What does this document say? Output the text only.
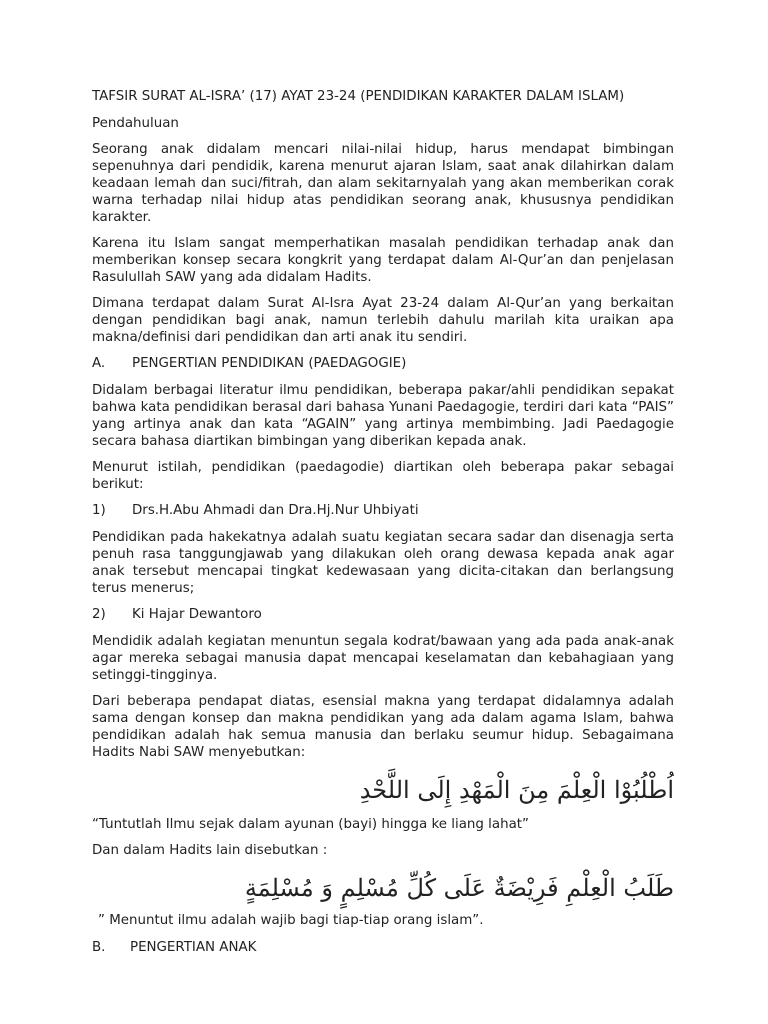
TAFSIR SURAT AL-ISRA’ (17) AYAT 23-24 (PENDIDIKAN KARAKTER DALAM ISLAM)

Pendahuluan

Seorang anak didalam mencari nilai-nilai hidup, harus mendapat bimbingan sepenuhnya dari pendidik, karena menurut ajaran Islam, saat anak dilahirkan dalam keadaan lemah dan suci/fitrah, dan alam sekitarnyalah yang akan memberikan corak warna terhadap nilai hidup atas pendidikan seorang anak, khususnya pendidikan karakter.

Karena itu Islam sangat memperhatikan masalah pendidikan terhadap anak dan memberikan konsep secara kongkrit yang terdapat dalam Al-Qur’an dan penjelasan Rasulullah SAW yang ada didalam Hadits.

Dimana terdapat dalam Surat Al-Isra Ayat 23-24 dalam Al-Qur’an yang berkaitan dengan pendidikan bagi anak, namun terlebih dahulu marilah kita uraikan apa makna/definisi dari pendidikan dan arti anak itu sendiri.

A.	PENGERTIAN PENDIDIKAN (PAEDAGOGIE)

Didalam berbagai literatur ilmu pendidikan, beberapa pakar/ahli pendidikan sepakat bahwa kata pendidikan berasal dari bahasa Yunani Paedagogie, terdiri dari kata “PAIS” yang artinya anak dan kata “AGAIN” yang artinya membimbing. Jadi Paedagogie secara bahasa diartikan bimbingan yang diberikan kepada anak.

Menurut istilah, pendidikan (paedagodie) diartikan oleh beberapa pakar sebagai berikut:

1)	Drs.H.Abu Ahmadi dan Dra.Hj.Nur Uhbiyati

Pendidikan pada hakekatnya adalah suatu kegiatan secara sadar dan disenagja serta penuh rasa tanggungjawab yang dilakukan oleh orang dewasa kepada anak agar anak tersebut mencapai tingkat kedewasaan yang dicita-citakan dan berlangsung terus menerus;

2)	Ki Hajar Dewantoro

Mendidik adalah kegiatan menuntun segala kodrat/bawaan yang ada pada anak-anak agar mereka sebagai manusia dapat mencapai keselamatan dan kebahagiaan yang setinggi-tingginya.

Dari beberapa pendapat diatas, esensial makna yang terdapat didalamnya adalah sama dengan konsep dan makna pendidikan yang ada dalam agama Islam, bahwa pendidikan adalah hak semua manusia dan berlaku seumur hidup. Sebagaimana Hadits Nabi SAW menyebutkan:

اُطْلُبُوْا الْعِلْمَ مِنَ الْمَهْدِ إِلَى اللَّحْدِ

“Tuntutlah Ilmu sejak dalam ayunan (bayi) hingga ke liang lahat”

Dan dalam Hadits lain disebutkan :

طَلَبُ الْعِلْمِ فَرِيْضَةٌ عَلَى كُلِّ مُسْلِمٍ وَ مُسْلِمَةٍ

” Menuntut ilmu adalah wajib bagi tiap-tiap orang islam”.

B.	PENGERTIAN ANAK
